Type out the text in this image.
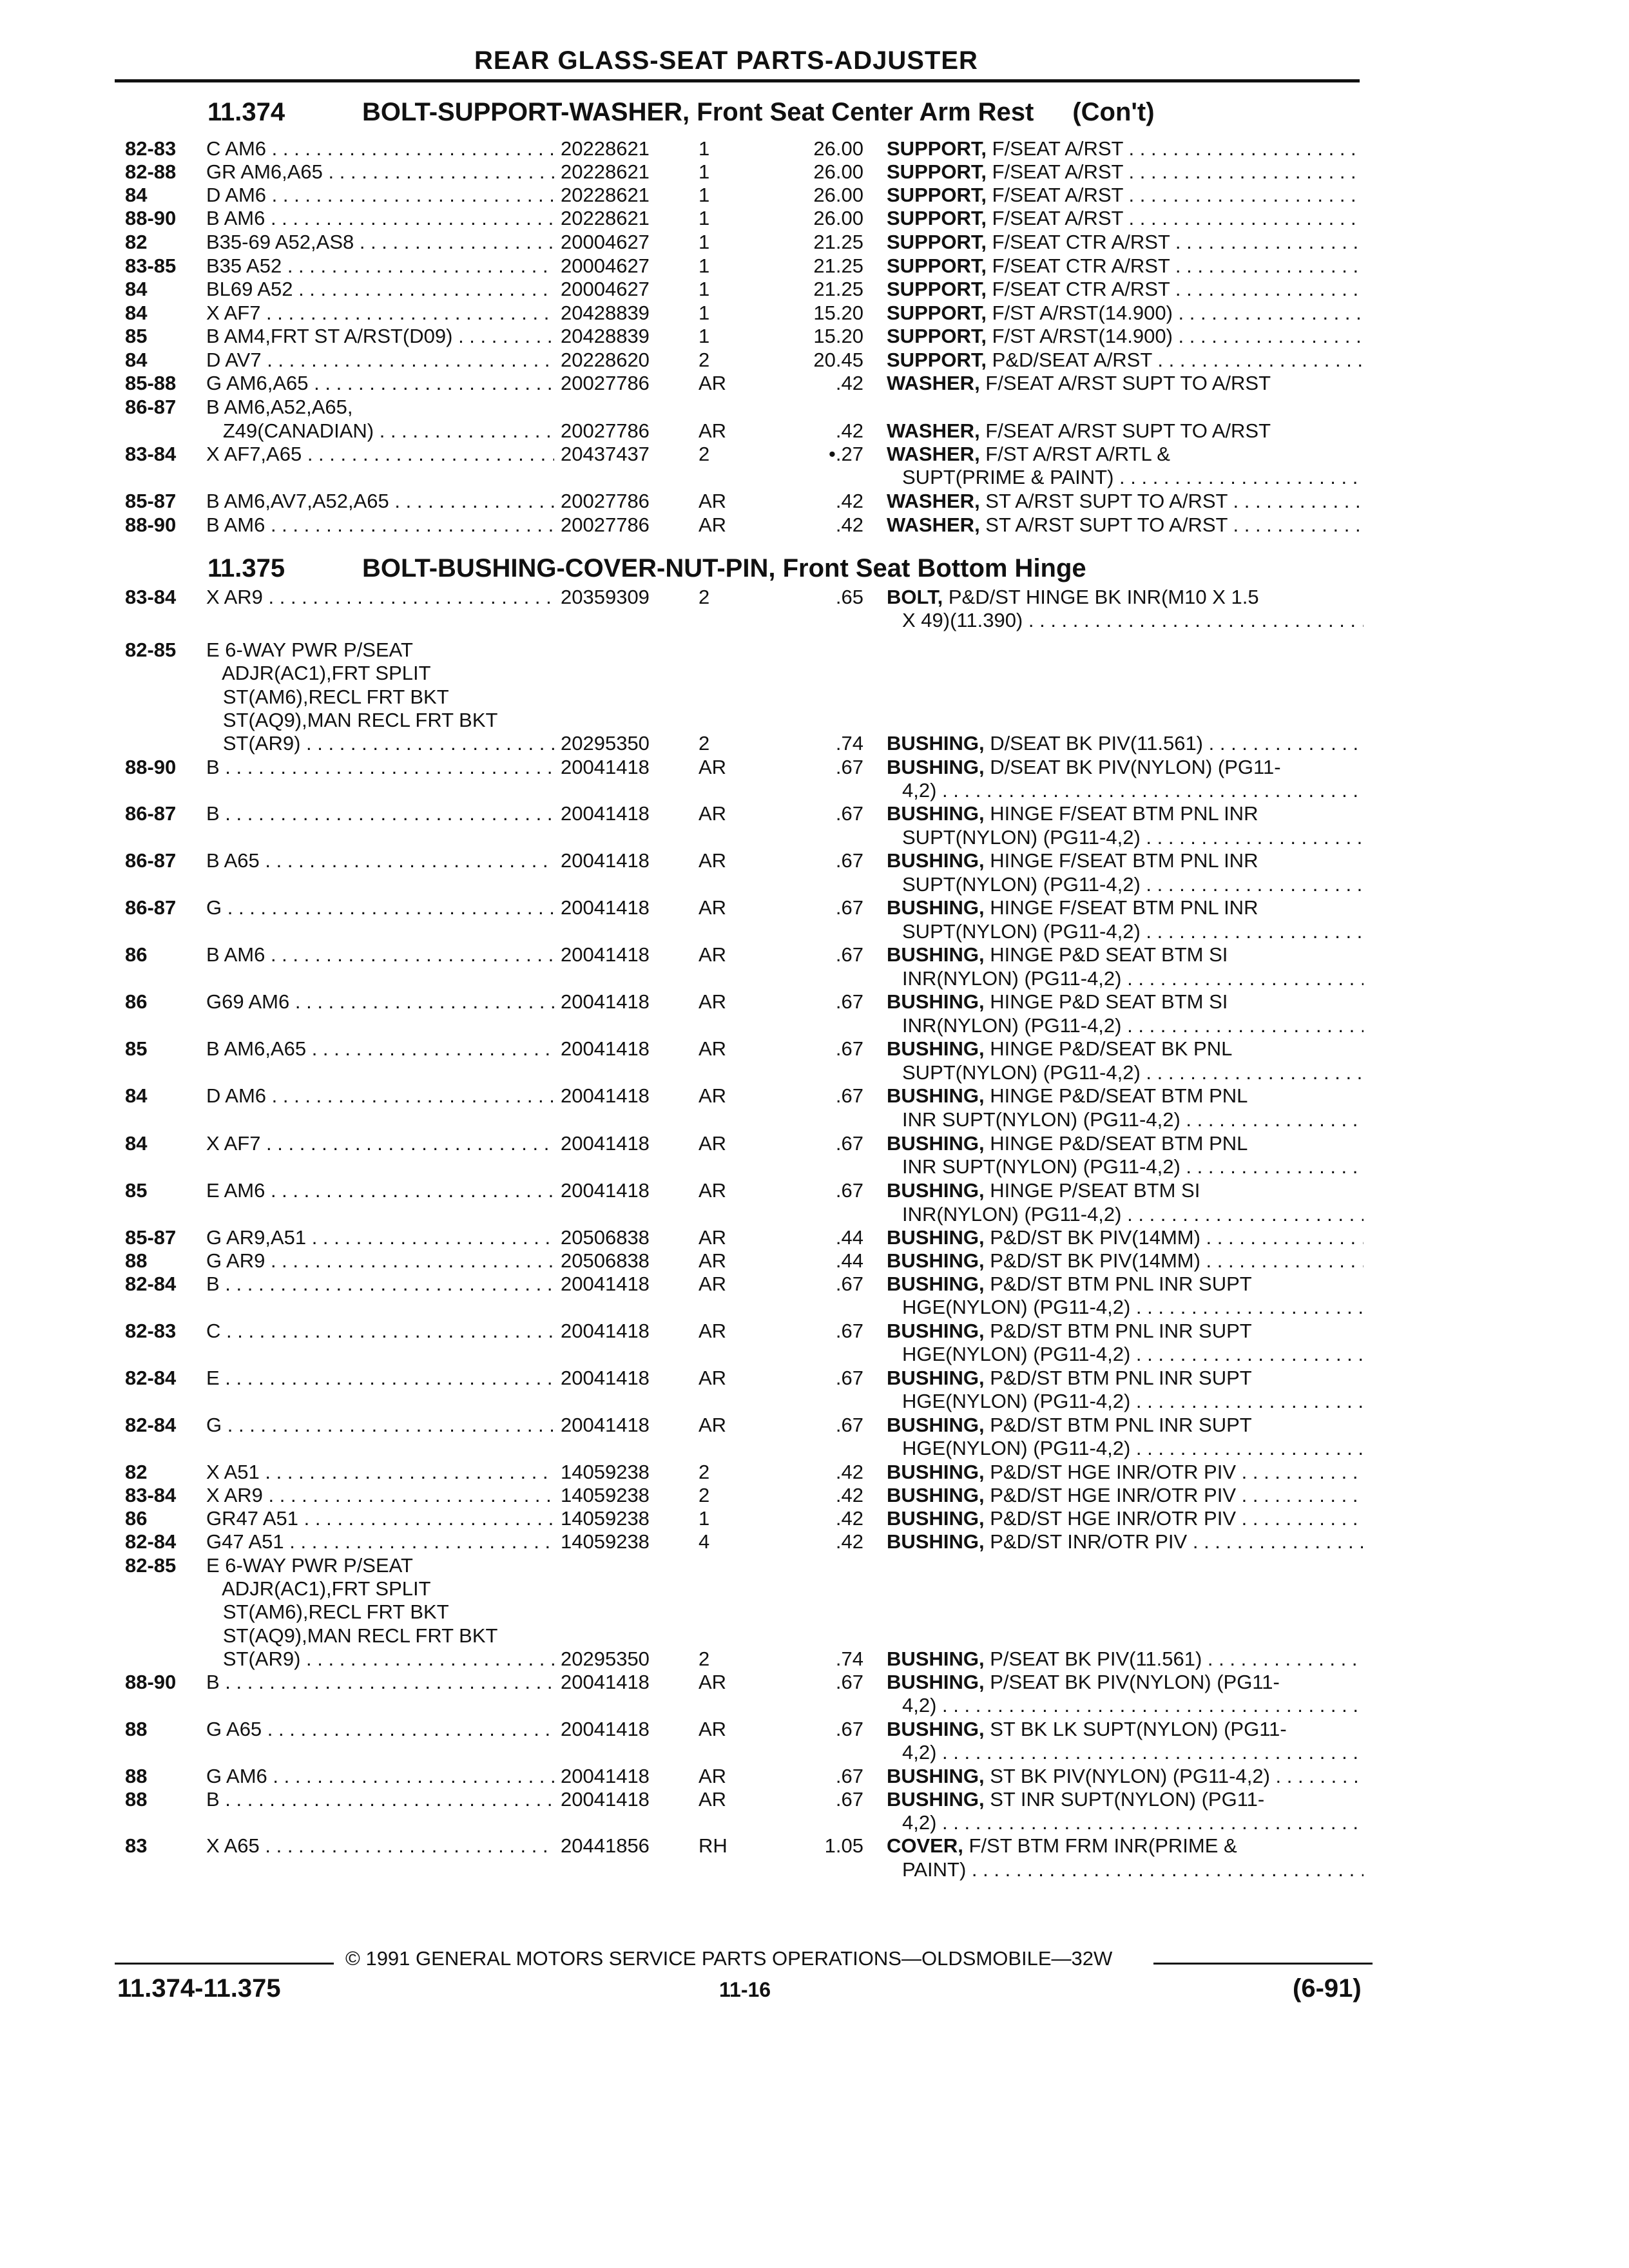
REAR GLASS-SEAT PARTS-ADJUSTER
11.374	BOLT-SUPPORT-WASHER, Front Seat Center Arm Rest (Con't)
11.375	BOLT-BUSHING-COVER-NUT-PIN, Front Seat Bottom Hinge
82-83 C AM6 . . .	20228621 1	26.00 SUPPORT, F/SEAT A/RST . . .
82-88 GR AM6,A65 . . .	20228621 1	26.00 SUPPORT, F/SEAT A/RST . . .
84	D AM6 . . .	20228621 1	26.00 SUPPORT, F/SEAT A/RST . . .
88-90 B AM6 . . .	20228621 1	26.00 SUPPORT, F/SEAT A/RST . . .
82	B35-69 A52,AS8 . . .	20004627 1	21.25 SUPPORT, F/SEAT CTR A/RST . . .
83-85 B35 A52 . . .	20004627 1	21.25 SUPPORT, F/SEAT CTR A/RST . . .
84	BL69 A52 . . .	20004627 1	21.25 SUPPORT, F/SEAT CTR A/RST . . .
84	X AF7 . . .	20428839 1	15.20 SUPPORT, F/ST A/RST(14.900) . . .
85	B AM4,FRT ST A/RST(D09) . . .	20428839 1	15.20 SUPPORT, F/ST A/RST(14.900) . . .
84	D AV7 . . .	20228620 2	20.45 SUPPORT, P&D/SEAT A/RST . . .
85-88 G AM6,A65 . . .	20027786 AR	.42 WASHER, F/SEAT A/RST SUPT TO A/RST
86-87 B AM6,A52,A65,
Z49(CANADIAN) . . .	20027786 AR	.42 WASHER, F/SEAT A/RST SUPT TO A/RST
83-84 X AF7,A65 . . .	20437437 2	•.27 WASHER, F/ST A/RST A/RTL &
SUPT(PRIME & PAINT) . . .
85-87 B AM6,AV7,A52,A65 . . .	20027786 AR	.42 WASHER, ST A/RST SUPT TO A/RST . . .
88-90 B AM6 . . .	20027786 AR	.42 WASHER, ST A/RST SUPT TO A/RST . . .
83-84 X AR9 . . .	20359309 2	.65 BOLT, P&D/ST HINGE BK INR(M10 X 1.5
X 49)(11.390) . . .
82-85 E 6-WAY PWR P/SEAT
ADJR(AC1),FRT SPLIT
ST(AM6),RECL FRT BKT
ST(AQ9),MAN RECL FRT BKT
ST(AR9) . . .	20295350 2	.74 BUSHING, D/SEAT BK PIV(11.561) . . .
88-90 B . . .	20041418 AR	.67 BUSHING, D/SEAT BK PIV(NYLON) (PG11-
4,2) . . .
86-87 B . . .	20041418 AR	.67 BUSHING, HINGE F/SEAT BTM PNL INR
SUPT(NYLON) (PG11-4,2) . . .
86-87 B A65 . . .	20041418 AR	.67 BUSHING, HINGE F/SEAT BTM PNL INR
SUPT(NYLON) (PG11-4,2) . . .
86-87 G . . .	20041418 AR	.67 BUSHING, HINGE F/SEAT BTM PNL INR
SUPT(NYLON) (PG11-4,2) . . .
86	B AM6 . . .	20041418 AR	.67 BUSHING, HINGE P&D SEAT BTM SI
INR(NYLON) (PG11-4,2) . . .
86	G69 AM6 . . .	20041418 AR	.67 BUSHING, HINGE P&D SEAT BTM SI
INR(NYLON) (PG11-4,2) . . .
85	B AM6,A65 . . .	20041418 AR	.67 BUSHING, HINGE P&D/SEAT BK PNL
SUPT(NYLON) (PG11-4,2) . . .
84	D AM6 . . .	20041418 AR	.67 BUSHING, HINGE P&D/SEAT BTM PNL
INR SUPT(NYLON) (PG11-4,2) . . .
84	X AF7 . . .	20041418 AR	.67 BUSHING, HINGE P&D/SEAT BTM PNL
INR SUPT(NYLON) (PG11-4,2) . . .
85	E AM6 . . .	20041418 AR	.67 BUSHING, HINGE P/SEAT BTM SI
INR(NYLON) (PG11-4,2) . . .
85-87 G AR9,A51 . . .	20506838 AR	.44 BUSHING, P&D/ST BK PIV(14MM) . . .
88	G AR9 . . .	20506838 AR	.44 BUSHING, P&D/ST BK PIV(14MM) . . .
82-84 B . . .	20041418 AR	.67 BUSHING, P&D/ST BTM PNL INR SUPT
HGE(NYLON) (PG11-4,2) . . .
82-83 C . . .	20041418 AR	.67 BUSHING, P&D/ST BTM PNL INR SUPT
HGE(NYLON) (PG11-4,2) . . .
82-84 E . . .	20041418 AR	.67 BUSHING, P&D/ST BTM PNL INR SUPT
HGE(NYLON) (PG11-4,2) . . .
82-84 G . . .	20041418 AR	.67 BUSHING, P&D/ST BTM PNL INR SUPT
HGE(NYLON) (PG11-4,2) . . .
82	X A51 . . .	14059238 2	.42 BUSHING, P&D/ST HGE INR/OTR PIV . . .
83-84 X AR9 . . .	14059238 2	.42 BUSHING, P&D/ST HGE INR/OTR PIV . . .
86	GR47 A51 . . .	14059238 1	.42 BUSHING, P&D/ST HGE INR/OTR PIV . . .
82-84 G47 A51 . . .	14059238 4	.42 BUSHING, P&D/ST INR/OTR PIV . . .
82-85 E 6-WAY PWR P/SEAT
ADJR(AC1),FRT SPLIT
ST(AM6),RECL FRT BKT
ST(AQ9),MAN RECL FRT BKT
ST(AR9) . . .	20295350 2	.74 BUSHING, P/SEAT BK PIV(11.561) . . .
88-90 B . . .	20041418 AR	.67 BUSHING, P/SEAT BK PIV(NYLON) (PG11-
4,2) . . .
88	G A65 . . .	20041418 AR	.67 BUSHING, ST BK LK SUPT(NYLON) (PG11-
4,2) . . .
88	G AM6 . . .	20041418 AR	.67 BUSHING, ST BK PIV(NYLON) (PG11-4,2) . . .
88	B . . .	20041418 AR	.67 BUSHING, ST INR SUPT(NYLON) (PG11-
4,2) . . .
83	X A65 . . .	20441856 RH	1.05 COVER, F/ST BTM FRM INR(PRIME &
PAINT) . . .
© 1991 GENERAL MOTORS SERVICE PARTS OPERATIONS—OLDSMOBILE—32W
11.374-11.375	11-16	(6-91)
